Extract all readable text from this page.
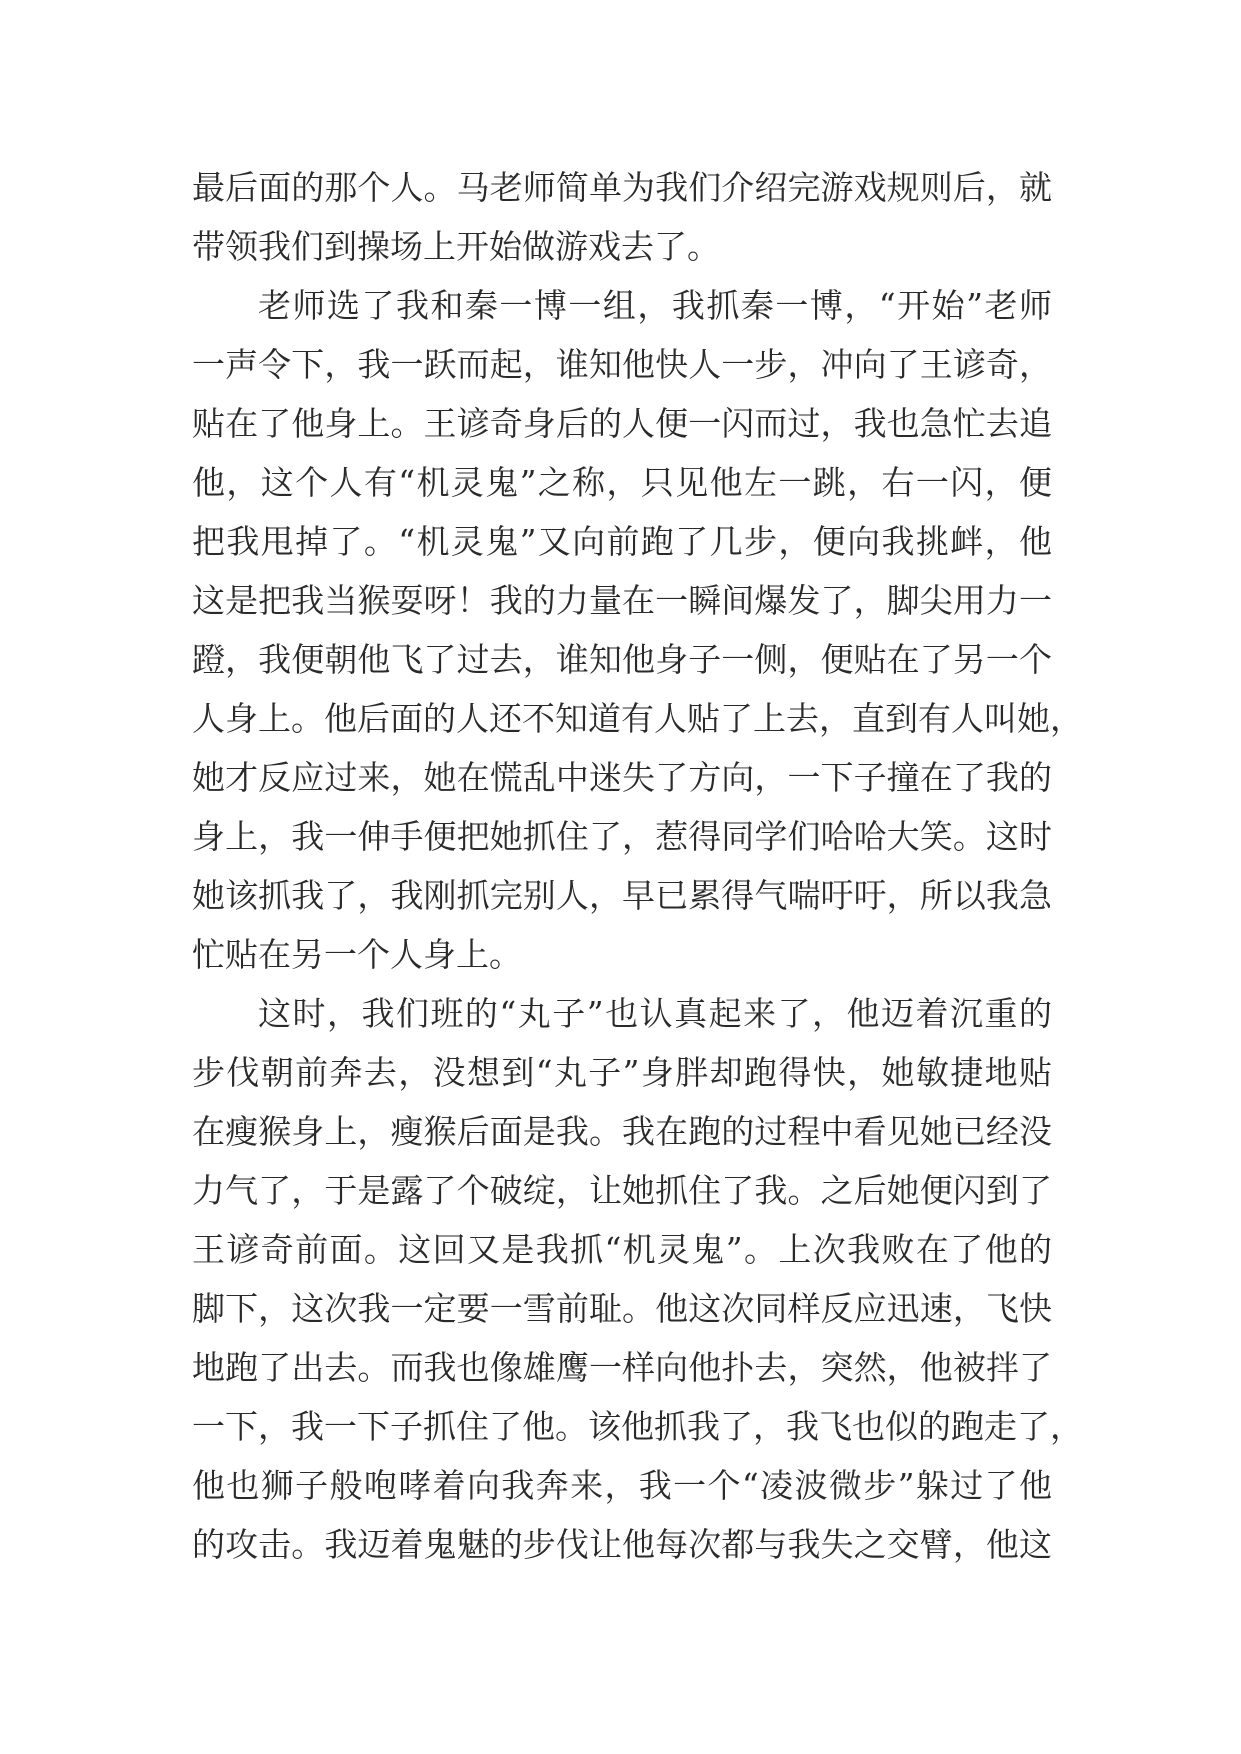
最后面的那个人。马老师简单为我们介绍完游戏规则后，就
带领我们到操场上开始做游戏去了。
老师选了我和秦一博一组，我抓秦一博，“开始”老师
一声令下，我一跃而起，谁知他快人一步，冲向了王谚奇，
贴在了他身上。王谚奇身后的人便一闪而过，我也急忙去追
他，这个人有“机灵鬼”之称，只见他左一跳，右一闪，便
把我甩掉了。“机灵鬼”又向前跑了几步，便向我挑衅，他
这是把我当猴耍呀！我的力量在一瞬间爆发了，脚尖用力一
蹬，我便朝他飞了过去，谁知他身子一侧，便贴在了另一个
人身上。他后面的人还不知道有人贴了上去，直到有人叫她，
她才反应过来，她在慌乱中迷失了方向，一下子撞在了我的
身上，我一伸手便把她抓住了，惹得同学们哈哈大笑。这时
她该抓我了，我刚抓完别人，早已累得气喘吁吁，所以我急
忙贴在另一个人身上。
这时，我们班的“丸子”也认真起来了，他迈着沉重的
步伐朝前奔去，没想到“丸子”身胖却跑得快，她敏捷地贴
在瘦猴身上，瘦猴后面是我。我在跑的过程中看见她已经没
力气了，于是露了个破绽，让她抓住了我。之后她便闪到了
王谚奇前面。这回又是我抓“机灵鬼”。上次我败在了他的
脚下，这次我一定要一雪前耻。他这次同样反应迅速，飞快
地跑了出去。而我也像雄鹰一样向他扑去，突然，他被拌了
一下，我一下子抓住了他。该他抓我了，我飞也似的跑走了，
他也狮子般咆哮着向我奔来，我一个“凌波微步”躲过了他
的攻击。我迈着鬼魅的步伐让他每次都与我失之交臂，他这
